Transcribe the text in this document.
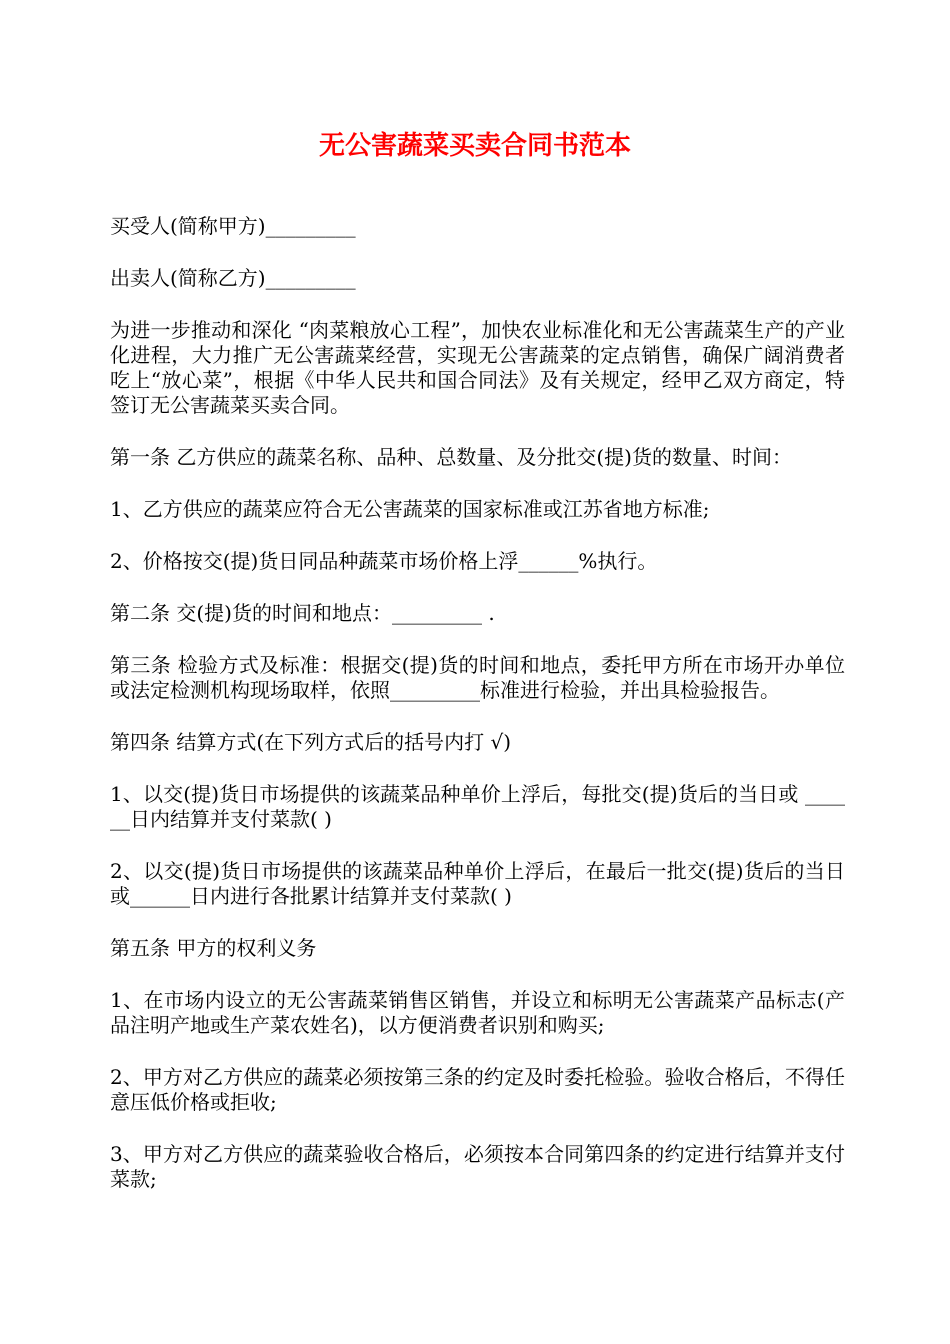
无公害蔬菜买卖合同书范本

买受人(简称甲方)_________

出卖人(简称乙方)_________

为进一步推动和深化 “肉菜粮放心工程”，加快农业标准化和无公害蔬菜生产的产业化进程，大力推广无公害蔬菜经营，实现无公害蔬菜的定点销售，确保广阔消费者吃上“放心菜”，根据《中华人民共和国合同法》及有关规定，经甲乙双方商定，特签订无公害蔬菜买卖合同。

第一条 乙方供应的蔬菜名称、品种、总数量、及分批交(提)货的数量、时间：

1、乙方供应的蔬菜应符合无公害蔬菜的国家标准或江苏省地方标准;

2、价格按交(提)货日同品种蔬菜市场价格上浮______%执行。

第二条 交(提)货的时间和地点：_________ .

第三条 检验方式及标准：根据交(提)货的时间和地点，委托甲方所在市场开办单位或法定检测机构现场取样，依照_________标准进行检验，并出具检验报告。

第四条 结算方式(在下列方式后的括号内打 √)

1、以交(提)货日市场提供的该蔬菜品种单价上浮后，每批交(提)货后的当日或 ______日内结算并支付菜款( )

2、以交(提)货日市场提供的该蔬菜品种单价上浮后，在最后一批交(提)货后的当日或______日内进行各批累计结算并支付菜款( )

第五条 甲方的权利义务

1、在市场内设立的无公害蔬菜销售区销售，并设立和标明无公害蔬菜产品标志(产品注明产地或生产菜农姓名)，以方便消费者识别和购买;

2、甲方对乙方供应的蔬菜必须按第三条的约定及时委托检验。验收合格后，不得任意压低价格或拒收;

3、甲方对乙方供应的蔬菜验收合格后，必须按本合同第四条的约定进行结算并支付菜款;
